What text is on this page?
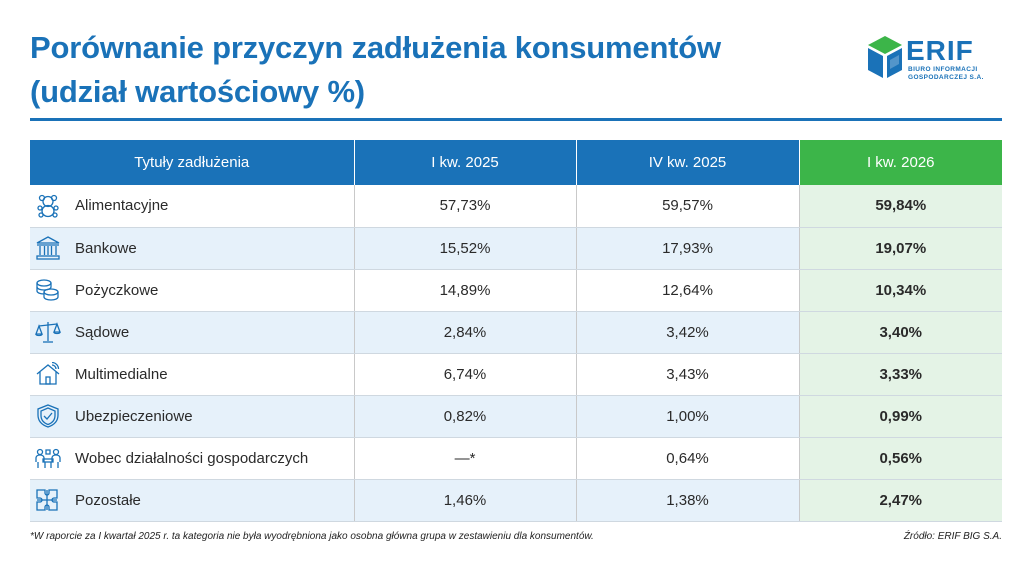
Porównanie przyczyn zadłużenia konsumentów
(udział wartościowy %)
ERIF
BIURO INFORMACJI
GOSPODARCZEJ S.A.
Tytuły zadłużenia	I kw. 2025	IV kw. 2025	I kw. 2026

Alimentacyjne	57,73%	59,57%	59,84%

Bankowe	15,52%	17,93%	19,07%

Pożyczkowe	14,89%	12,64%	10,34%

Sądowe	2,84%	3,42%	3,40%

Multimedialne	6,74%	3,43%	3,33%

Ubezpieczeniowe	0,82%	1,00%	0,99%

Wobec działalności gospodarczych	—*	0,64%	0,56%

Pozostałe	1,46%	1,38%	2,47%
*W raporcie za I kwartał 2025 r. ta kategoria nie była wyodrębniona jako osobna główna grupa w zestawieniu dla konsumentów.	Źródło: ERIF BIG S.A.
